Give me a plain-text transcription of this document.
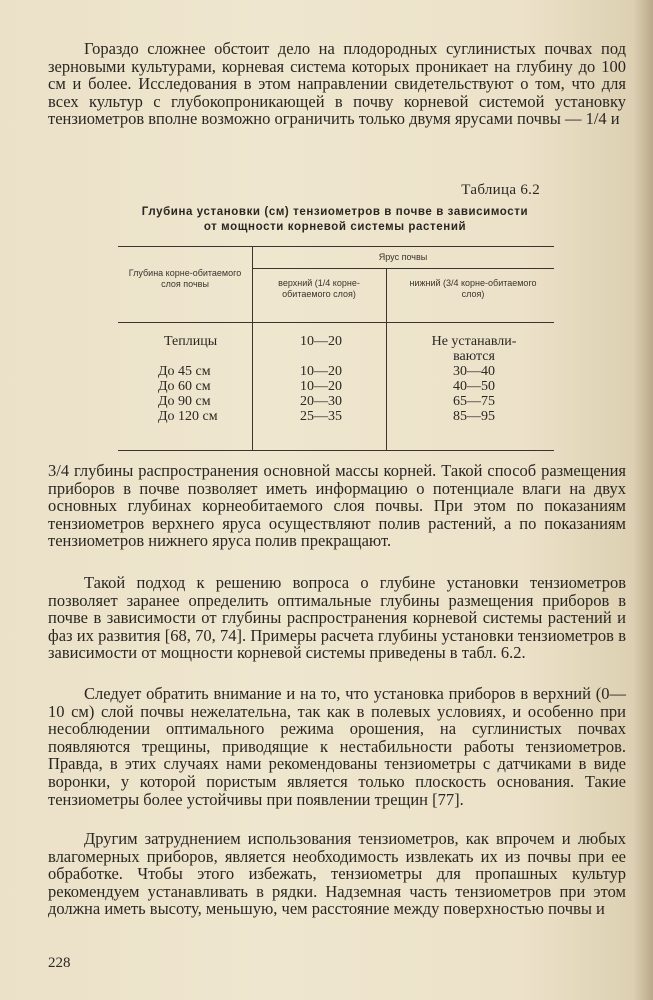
Гораздо сложнее обстоит дело на плодородных суглинистых почвах под зерновыми культурами, корневая система которых проникает на глубину до 100 см и более. Исследования в этом направлении свидетельствуют о том, что для всех культур с глубокопроникающей в почву корневой системой установку тензиометров вполне возможно ограничить только двумя ярусами почвы — 1/4 и

Таблица 6.2
Глубина установки (см) тензиометров в почве в зависимости
от мощности корневой системы растений
Глубина корне-обитаемого слоя почвы
Ярус почвы
верхний (1/4 корне-обитаемого слоя)
нижний (3/4 корне-обитаемого слоя)
Теплицы	10—20	Не устанавли-
ваются
До 45 см	10—20	30—40
До 60 см	10—20	40—50
До 90 см	20—30	65—75
До 120 см	25—35	85—95

3/4 глубины распространения основной массы корней. Такой способ размещения приборов в почве позволяет иметь информацию о потенциале влаги на двух основных глубинах корнеобитаемого слоя почвы. При этом по показаниям тензиометров верхнего яруса осуществляют полив растений, а по показаниям тензиометров нижнего яруса полив прекращают.

Такой подход к решению вопроса о глубине установки тензиометров позволяет заранее определить оптимальные глубины размещения приборов в почве в зависимости от глубины распространения корневой системы растений и фаз их развития [68, 70, 74]. Примеры расчета глубины установки тензиометров в зависимости от мощности корневой системы приведены в табл. 6.2.

Следует обратить внимание и на то, что установка приборов в верхний (0—10 см) слой почвы нежелательна, так как в полевых условиях, и особенно при несоблюдении оптимального режима орошения, на суглинистых почвах появляются трещины, приводящие к нестабильности работы тензиометров. Правда, в этих случаях нами рекомендованы тензиометры с датчиками в виде воронки, у которой пористым является только плоскость основания. Такие тензиометры более устойчивы при появлении трещин [77].

Другим затруднением использования тензиометров, как впрочем и любых влагомерных приборов, является необходимость извлекать их из почвы при ее обработке. Чтобы этого избежать, тензиометры для пропашных культур рекомендуем устанавливать в рядки. Надземная часть тензиометров при этом должна иметь высоту, меньшую, чем расстояние между поверхностью почвы и

228
